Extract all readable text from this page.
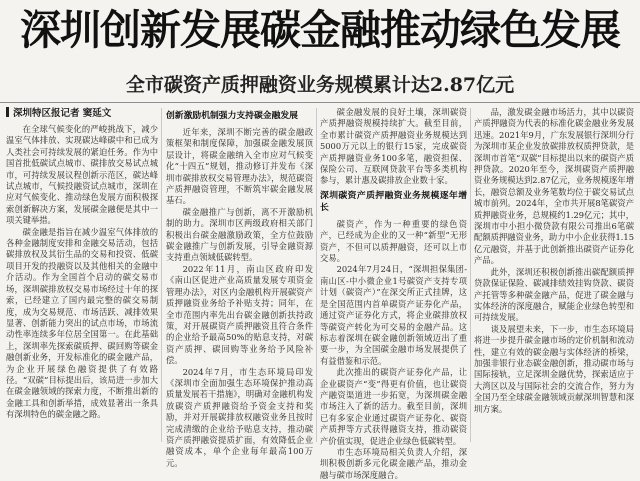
深圳创新发展碳金融推动绿色发展
全市碳资产质押融资业务规模累计达2.87亿元
深圳特区报记者 窦延文

在全球气候变化的严峻挑战下，减少温室气体排放、实现碳达峰碳中和已成为人类社会可持续发展的紧迫任务。作为中国首批低碳试点城市、碳排放交易试点城市，可持续发展议程创新示范区，碳达峰试点城市，气候投融资试点城市，深圳在应对气候变化、推动绿色发展方面积极探索创新解决方案，发展碳金融便是其中一项关键举措。

碳金融是指旨在减少温室气体排放的各种金融制度安排和金融交易活动，包括碳排放权及其衍生品的交易和投资、低碳项目开发的投融资以及其他相关的金融中介活动。作为全国首个启动的碳交易市场，深圳碳排放权交易市场经过十年的探索，已经建立了国内最完整的碳交易制度，成为交易规范、市场活跃、减排效果显著、创新能力突出的试点市场，市场流动性率连续多年位居全国第一。在此基础上，深圳率先探索碳质押、碳回购等碳金融创新业务，开发标准化的碳金融产品，为企业开展绿色融资提供了有效路径。“双碳”目标提出后，该局进一步加大在碳金融领域的探索力度，不断推出新的金融工具和创新举措，成效显著出一条具有深圳特色的碳金融之路。

创新激励机制强力支持碳金融发展

近年来，深圳不断完善的碳金融政策框架和制度保障，加强碳金融发展顶层设计，将碳金融纳入全市应对气候变化“十四五”规划，推动修订并发布《深圳市碳排放权交易管理办法》，规范碳资产质押融资管理，不断筑牢碳金融发展基石。

碳金融推广与创新，离不开激励机制的助力。深圳市区两级政府相关部门积极出台碳金融激励政策，全方位鼓励碳金融推广与创新发展，引导金融资源支持重点领域低碳转型。

2022年11月，南山区政府印发《南山区促进产业高质量发展专项资金管理办法》，对区内金融机构开展碳资产质押融资业务给予补贴支持；同年，在全市范围内率先出台碳金融创新扶持政策，对开展碳资产质押融资且符合条件的企业给予最高50%的贴息支持，对碳资产质押、碳回购等业务给予风险补偿。

2024年7月，市生态环境局印发《深圳市全面加强生态环境保护推动高质量发展若干措施》，明确对金融机构发放碳资产质押融资给予资金支持和奖励，并对开展碳排放权融资业务且按时完成清缴的企业给予贴息支持，推动碳资产质押融资提质扩面，有效降低企业融资成本，单个企业每年最高100万元。

碳金融发展的良好土壤，深圳碳资产质押融资规模持续扩大。截至目前，全市累计碳资产质押融资业务规模达到5000万元以上的银行15家，完成碳资产质押融资业务100多笔，融资担保、保险公司、互联网贷款平台等多类机构参与，累计惠及碳排放企业数十家。

深圳碳资产质押融资业务规模逐年增长

碳资产，作为一种重要的绿色资产，已经成为企业的又一种“新型”无形资产，不但可以质押融资，还可以上市交易。

2024年7月24日，“深圳担保集团-南山区-中小微企业1号碳资产支持专项计划（碳资产）”在深交所正式挂牌，这是全国范围内首单碳资产证券化产品，通过资产证券化方式，将企业碳排放权等碳资产转化为可交易的金融产品。这标志着深圳在碳金融创新领域迈出了重要一步，为全国碳金融市场发展提供了有益借鉴和示范。

此次推出的碳资产证券化产品，让企业碳资产“变”得更有价值，也让碳资产融资渠道进一步拓宽，为深圳碳金融市场注入了新的活力。截至目前，深圳已有多家企业通过碳资产证券化、碳资产质押等方式获得融资支持，推动碳资产价值实现，促进企业绿色低碳转型。

市生态环境局相关负责人介绍，深圳积极创新多元化碳金融产品，推动金融与碳市场深度融合。

品，激发碳金融市场活力，其中以碳资产质押融资为代表的标准化碳金融业务发展迅速。2021年9月，广东发展银行深圳分行为深圳市某企业发放碳排放权质押贷款，是深圳市首笔“双碳”目标提出以来的碳资产质押贷款。2020年至今，深圳碳资产质押融资业务规模达到2.87亿元，业务规模逐年增长，融资总额及业务笔数均位于碳交易试点城市前列。2024年，全市共开展8笔碳资产质押融资业务，总规模约1.29亿元；其中，深圳市中小担小微贷款有限公司推出6笔碳配额质押融资业务，助力中小企业获得1.15亿元融资，并基于此创新推出碳资产证券化产品。

此外，深圳还积极创新推出碳配额质押贷款保证保险、碳减排绩效挂钩贷款、碳资产托管等多种碳金融产品，促进了碳金融与实体经济的深度融合，赋能企业绿色转型和可持续发展。

谈及展望未来，下一步，市生态环境局将进一步提升碳金融市场的定价机制和流动性，建立有效的碳金融与实体经济的桥梁，加强非银行业态碳金融创新，推动碳市场与国际接轨，立足深圳金融优势，探索适应于大湾区以及与国际社会的交流合作，努力为全国乃至全球碳金融领域贡献深圳智慧和深圳方案。
